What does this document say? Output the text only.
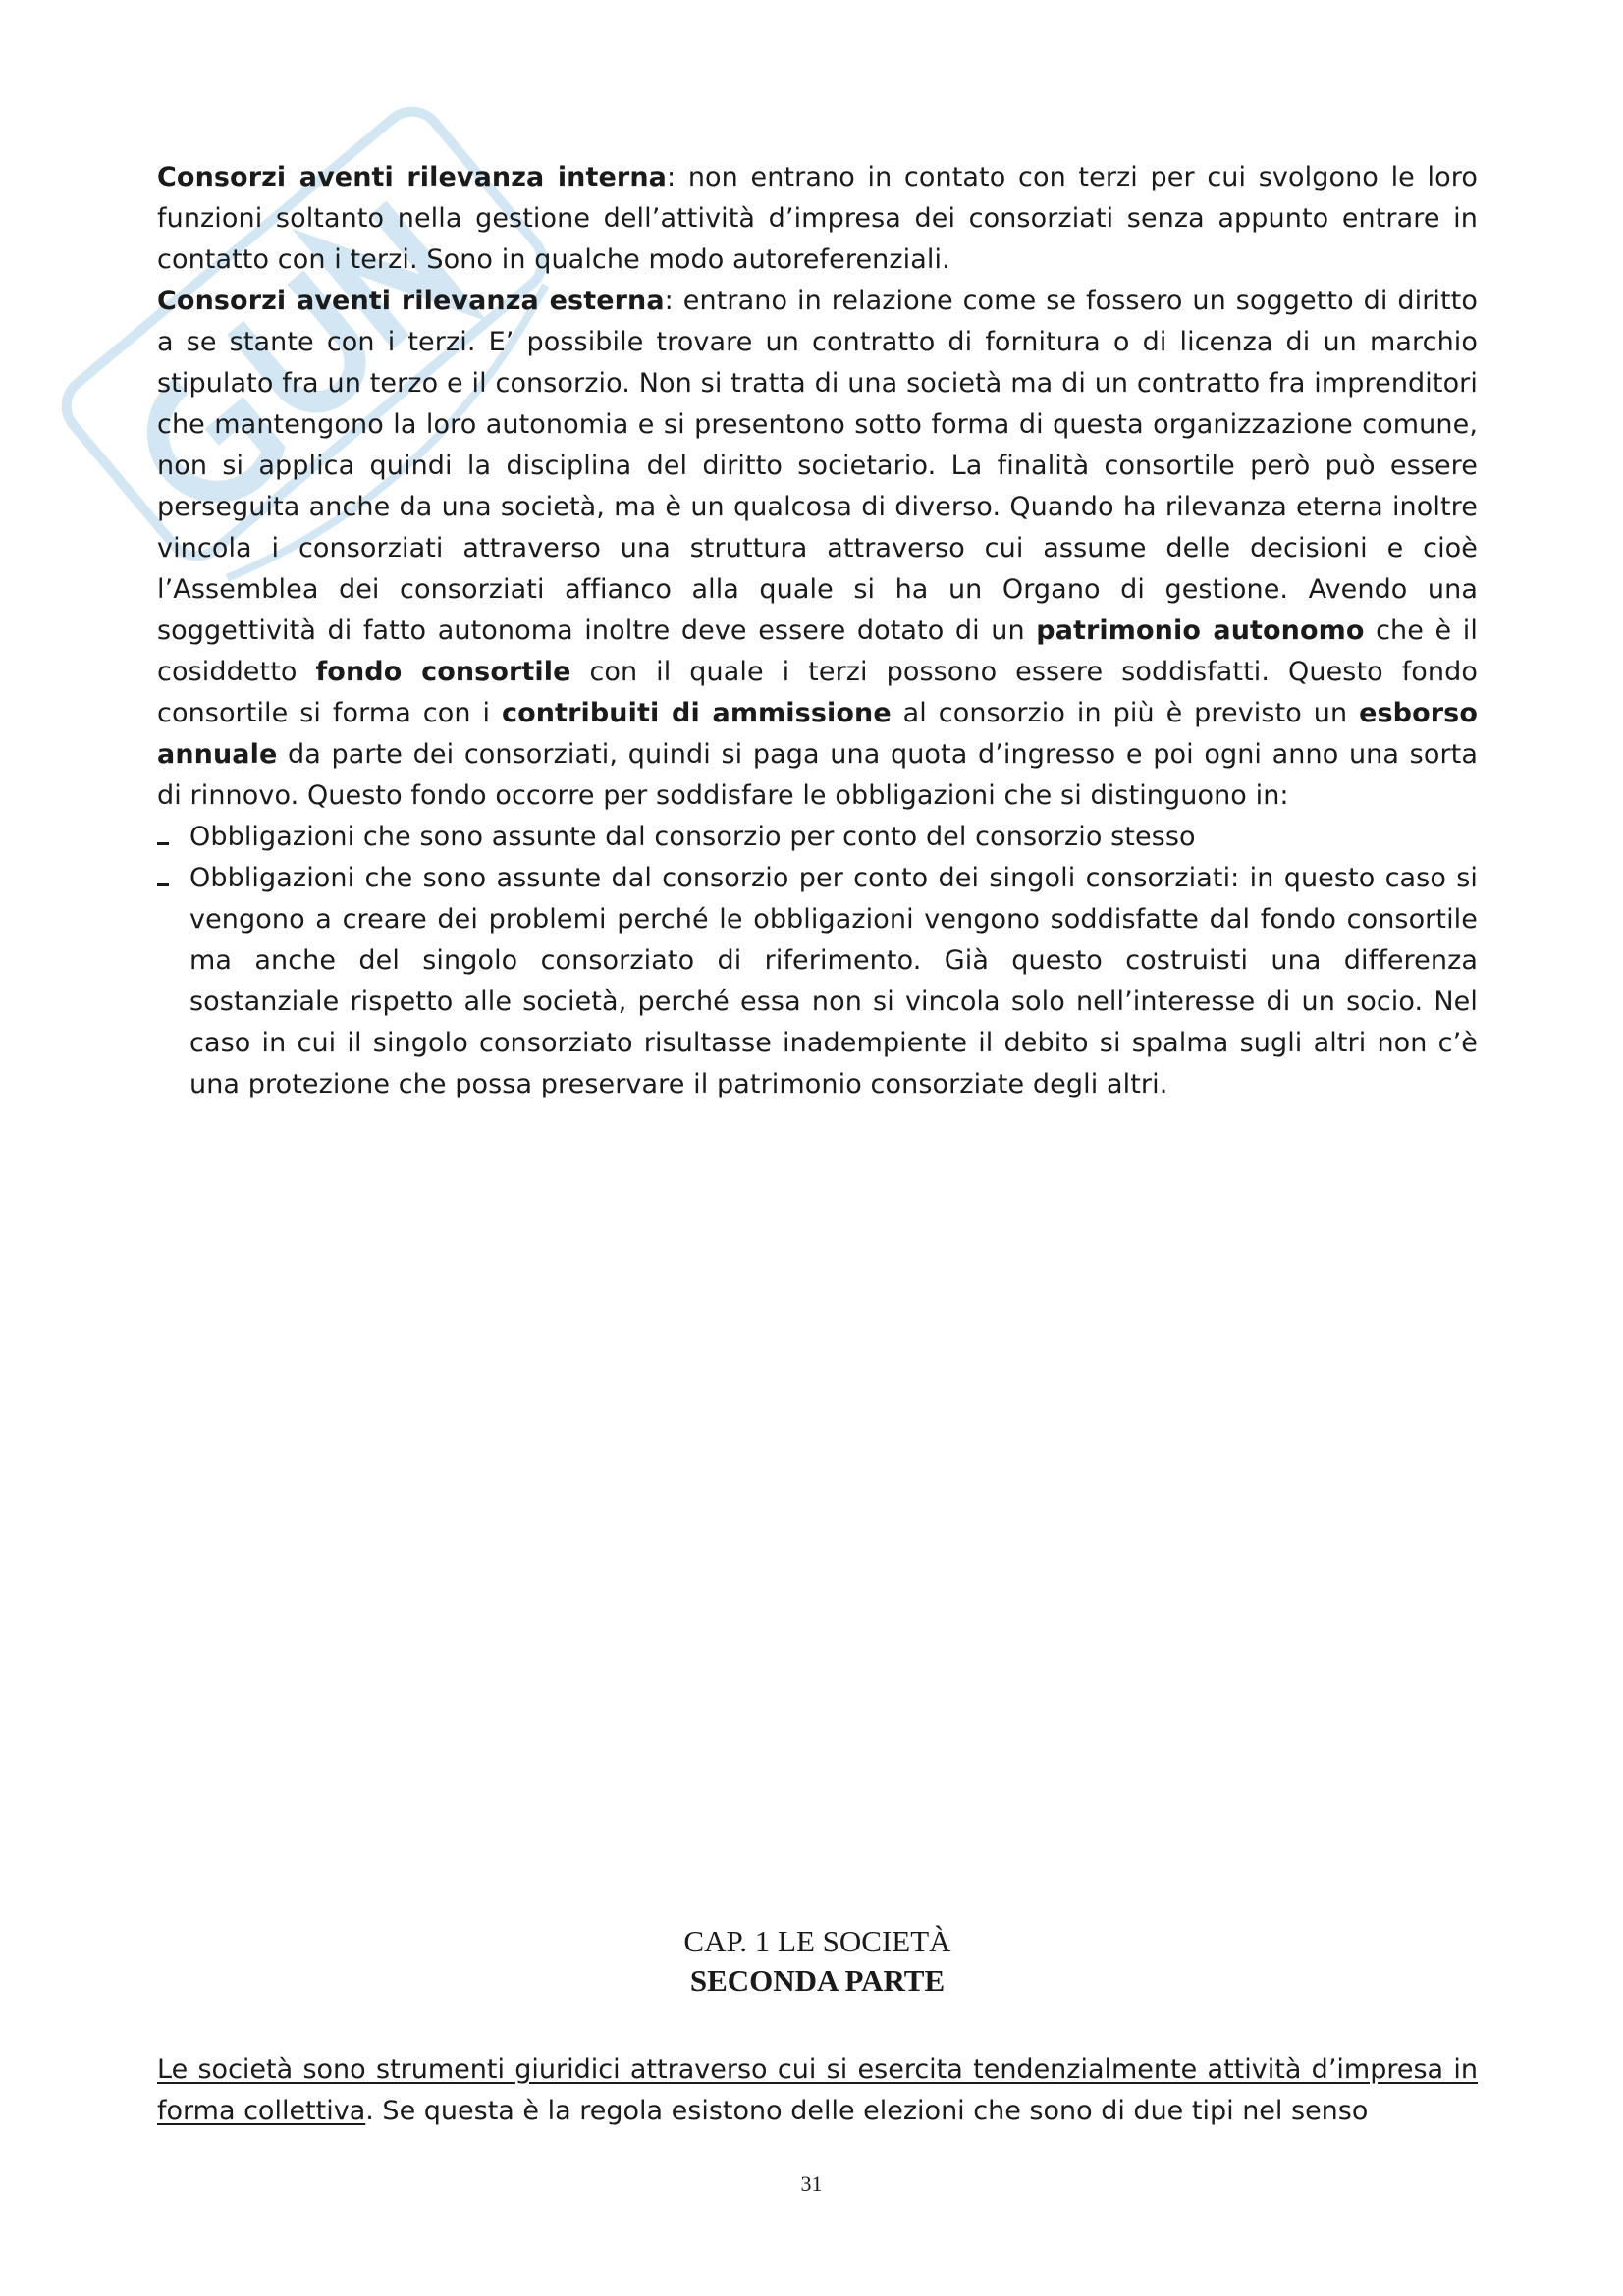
Consorzi aventi rilevanza interna: non entrano in contato con terzi per cui svolgono le loro funzioni soltanto nella gestione dell’attività d’impresa dei consorziati senza appunto entrare in contatto con i terzi. Sono in qualche modo autoreferenziali.

Consorzi aventi rilevanza esterna: entrano in relazione come se fossero un soggetto di diritto a se stante con i terzi. E’ possibile trovare un contratto di fornitura o di licenza di un marchio stipulato fra un terzo e il consorzio. Non si tratta di una società ma di un contratto fra imprenditori che mantengono la loro autonomia e si presentono sotto forma di questa organizzazione comune, non si applica quindi la disciplina del diritto societario. La finalità consortile però può essere perseguita anche da una società, ma è un qualcosa di diverso. Quando ha rilevanza eterna inoltre vincola i consorziati attraverso una struttura attraverso cui assume delle decisioni e cioè l’Assemblea dei consorziati affianco alla quale si ha un Organo di gestione. Avendo una soggettività di fatto autonoma inoltre deve essere dotato di un patrimonio autonomo che è il cosiddetto fondo consortile con il quale i terzi possono essere soddisfatti. Questo fondo consortile si forma con i contribuiti di ammissione al consorzio in più è previsto un esborso annuale da parte dei consorziati, quindi si paga una quota d’ingresso e poi ogni anno una sorta di rinnovo. Questo fondo occorre per soddisfare le obbligazioni che si distinguono in:

Obbligazioni che sono assunte dal consorzio per conto del consorzio stesso
Obbligazioni che sono assunte dal consorzio per conto dei singoli consorziati: in questo caso si vengono a creare dei problemi perché le obbligazioni vengono soddisfatte dal fondo consortile ma anche del singolo consorziato di riferimento. Già questo costruisti una differenza sostanziale rispetto alle società, perché essa non si vincola solo nell’interesse di un socio. Nel caso in cui il singolo consorziato risultasse inadempiente il debito si spalma sugli altri non c’è una protezione che possa preservare il patrimonio consorziate degli altri.
CAP. 1 LE SOCIETÀ
SECONDA PARTE

Le società sono strumenti giuridici attraverso cui si esercita tendenzialmente attività d’impresa in forma collettiva. Se questa è la regola esistono delle elezioni che sono di due tipi nel senso

31
